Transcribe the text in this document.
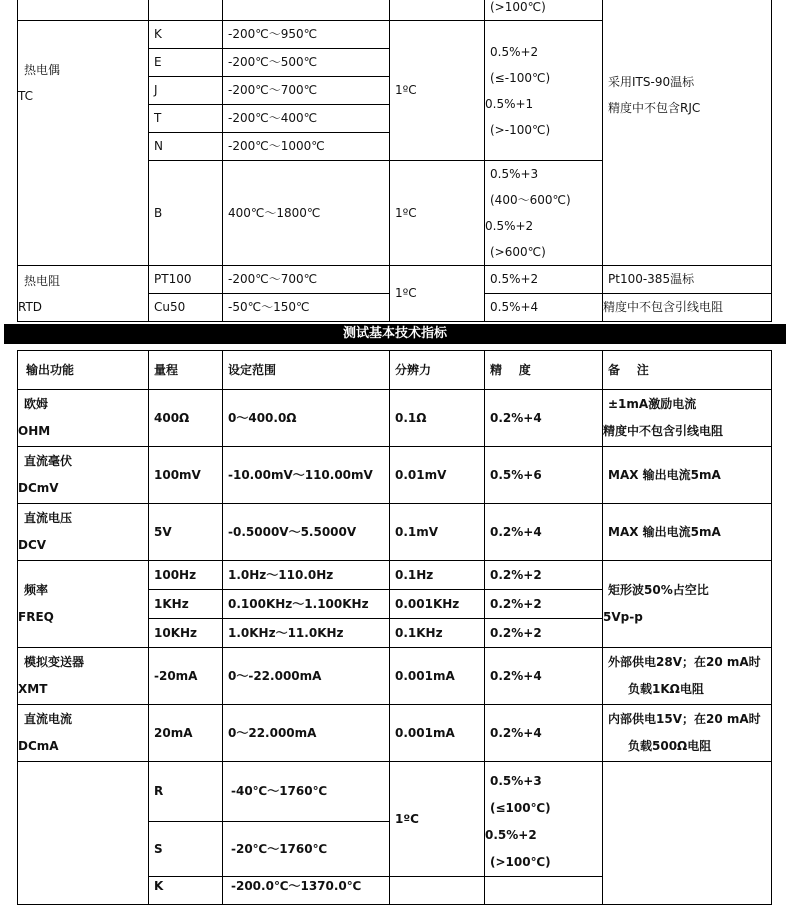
				(>100℃)	采用ITS-90温标
精度中不包含RJC

热电偶
TC	K	-200℃～950℃	1ºC	0.5%+2
(≤-100℃)
0.5%+1
(>-100℃)	

	E	-200℃～500℃			
	J	-200℃～700℃			
	T	-200℃～400℃			
	N	-200℃～1000℃			
	B	400℃～1800℃	1ºC	0.5%+3
(400～600℃)
0.5%+2
(>600℃)	

热电阻
RTD	PT100	-200℃～700℃	1ºC	0.5%+2	Pt100-385温标
	Cu50	-50℃～150℃		0.5%+4	精度中不包含引线电阻
测试基本技术指标
输出功能	量程	设定范围	分辨力	精    度	备    注

欧姆
OHM	400Ω	0～400.0Ω	0.1Ω	0.2%+4	±1mA激励电流
精度中不包含引线电阻

直流毫伏
DCmV	100mV	-10.00mV～110.00mV	0.01mV	0.5%+6	MAX 输出电流5mA

直流电压
DCV	5V	-0.5000V～5.5000V	0.1mV	0.2%+4	MAX 输出电流5mA

频率
FREQ	100Hz	1.0Hz～110.0Hz	0.1Hz	0.2%+2	矩形波50%占空比
5Vp-p

	1KHz	0.100KHz～1.100KHz	0.001KHz	0.2%+2	
	10KHz	1.0KHz～11.0KHz	0.1KHz	0.2%+2	

模拟变送器
XMT	-20mA	0～-22.000mA	0.001mA	0.2%+4	外部供电28V；在20 mA时
负载1KΩ电阻

直流电流
DCmA	20mA	0～22.000mA	0.001mA	0.2%+4	内部供电15V；在20 mA时
负载500Ω电阻

	R	-40℃～1760℃	1ºC	0.5%+3
(≤100℃)
0.5%+2
(>100℃)	

	S	-20℃～1760℃			
	K	-200.0℃～1370.0℃			
